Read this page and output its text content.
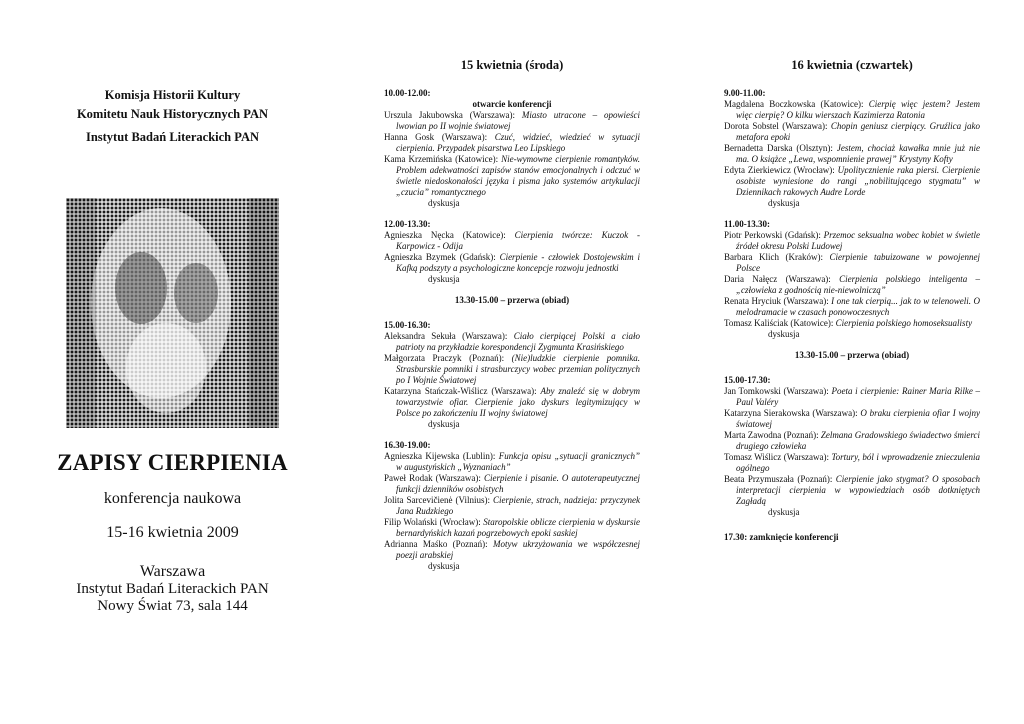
Komisja Historii Kultury
Komitetu Nauk Historycznych PAN
Instytut Badań Literackich PAN
ZAPISY CIERPIENIA
konferencja naukowa
15-16 kwietnia 2009
Warszawa
Instytut Badań Literackich PAN
Nowy Świat 73, sala 144
15 kwietnia (środa)
10.00-12.00:
otwarcie konferencji
Urszula Jakubowska (Warszawa): Miasto utracone – opowieści lwowian po II wojnie światowej
Hanna Gosk (Warszawa): Czuć, widzieć, wiedzieć w sytuacji cierpienia. Przypadek pisarstwa Leo Lipskiego
Kama Krzemińska (Katowice): Nie-wymowne cierpienie romantyków. Problem adekwatności zapisów stanów emocjonalnych i odczuć w świetle niedoskonałości języka i pisma jako systemów artykulacji „czucia” romantycznego
dyskusja
12.00-13.30:
Agnieszka Nęcka (Katowice): Cierpienia twórcze: Kuczok - Karpowicz - Odija
Agnieszka Bzymek (Gdańsk): Cierpienie - człowiek Dostojewskim i Kafką podszyty a psychologiczne koncepcje rozwoju jednostki
dyskusja
13.30-15.00 – przerwa (obiad)
15.00-16.30:
Aleksandra Sekuła (Warszawa): Ciało cierpiącej Polski a ciało patrioty na przykładzie korespondencji Zygmunta Krasińskiego
Małgorzata Praczyk (Poznań): (Nie)ludzkie cierpienie pomnika. Strasburskie pomniki i strasburczycy wobec przemian politycznych po I Wojnie Światowej
Katarzyna Stańczak-Wiślicz (Warszawa): Aby znaleźć się w dobrym towarzystwie ofiar. Cierpienie jako dyskurs legitymizujący w Polsce po zakończeniu II wojny światowej
dyskusja
16.30-19.00:
Agnieszka Kijewska (Lublin): Funkcja opisu „sytuacji granicznych” w augustyńskich „Wyznaniach”
Paweł Rodak (Warszawa): Cierpienie i pisanie. O autoterapeutycznej funkcji dzienników osobistych
Jolita Sarcevičienė (Vilnius): Cierpienie, strach, nadzieja: przyczynek Jana Rudzkiego
Filip Wolański (Wrocław): Staropolskie oblicze cierpienia w dyskursie bernardyńskich kazań pogrzebowych epoki saskiej
Adrianna Maśko (Poznań): Motyw ukrzyżowania we współczesnej poezji arabskiej
dyskusja
16 kwietnia (czwartek)
9.00-11.00:
Magdalena Boczkowska (Katowice): Cierpię więc jestem? Jestem więc cierpię? O kilku wierszach Kazimierza Ratonia
Dorota Sobstel (Warszawa): Chopin geniusz cierpiący. Gruźlica jako metafora epoki
Bernadetta Darska (Olsztyn): Jestem, chociaż kawałka mnie już nie ma. O książce „Lewa, wspomnienie prawej” Krystyny Kofty
Edyta Zierkiewicz (Wrocław): Upolitycznienie raka piersi. Cierpienie osobiste wyniesione do rangi „nobilitującego stygmatu” w Dziennikach rakowych Audre Lorde
dyskusja
11.00-13.30:
Piotr Perkowski (Gdańsk): Przemoc seksualna wobec kobiet w świetle źródeł okresu Polski Ludowej
Barbara Klich (Kraków): Cierpienie tabuizowane w powojennej Polsce
Daria Nałęcz (Warszawa): Cierpienia polskiego inteligenta – „człowieka z godnością nie-niewolniczą”
Renata Hryciuk (Warszawa): I one tak cierpią... jak to w telenoweli. O melodramacie w czasach ponowoczesnych
Tomasz Kaliściak (Katowice): Cierpienia polskiego homoseksualisty
dyskusja
13.30-15.00 – przerwa (obiad)
15.00-17.30:
Jan Tomkowski (Warszawa): Poeta i cierpienie: Rainer Maria Rilke – Paul Valéry
Katarzyna Sierakowska (Warszawa): O braku cierpienia ofiar I wojny światowej
Marta Zawodna (Poznań): Zelmana Gradowskiego świadectwo śmierci drugiego człowieka
Tomasz Wiślicz (Warszawa): Tortury, ból i wprowadzenie znieczulenia ogólnego
Beata Przymuszała (Poznań): Cierpienie jako stygmat? O sposobach interpretacji cierpienia w wypowiedziach osób dotkniętych Zagładą
dyskusja
17.30: zamknięcie konferencji
